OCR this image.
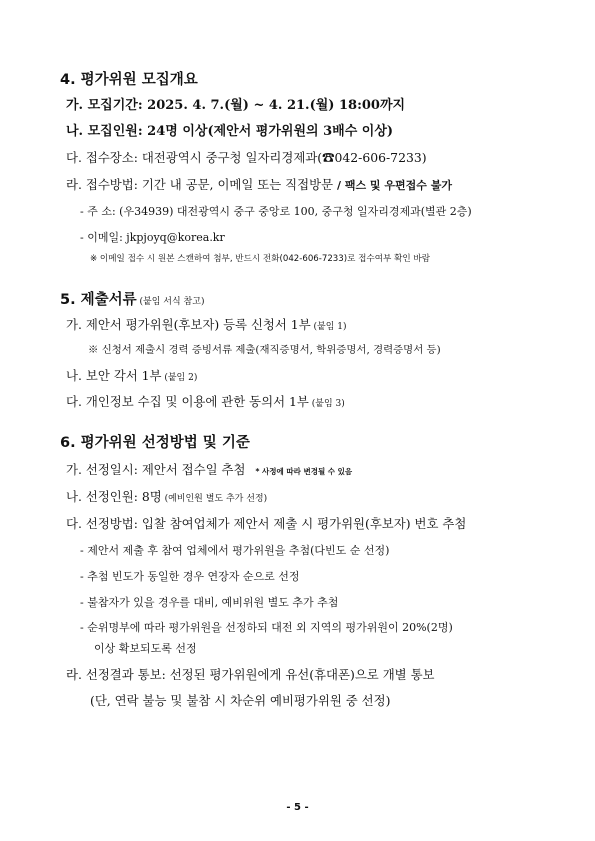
4. 평가위원 모집개요
가. 모집기간: 2025. 4. 7.(월) ~ 4. 21.(월) 18:00까지
나. 모집인원: 24명 이상(제안서 평가위원의 3배수 이상)
다. 접수장소: 대전광역시 중구청 일자리경제과(☎042-606-7233)
라. 접수방법: 기간 내 공문, 이메일 또는 직접방문 / 팩스 및 우편접수 불가
- 주 소: (우34939) 대전광역시 중구 중앙로 100, 중구청 일자리경제과(별관 2층)
- 이메일: jkpjoyq@korea.kr
※ 이메일 접수 시 원본 스캔하여 첨부, 반드시 전화(042-606-7233)로 접수여부 확인 바람
5. 제출서류 (붙임 서식 참고)
가. 제안서 평가위원(후보자) 등록 신청서 1부 (붙임 1)
※ 신청서 제출시 경력 증빙서류 제출(재직증명서, 학위증명서, 경력증명서 등)
나. 보안 각서 1부 (붙임 2)
다. 개인정보 수집 및 이용에 관한 동의서 1부 (붙임 3)
6. 평가위원 선정방법 및 기준
가. 선정일시: 제안서 접수일 추첨 * 사정에 따라 변경될 수 있음
나. 선정인원: 8명 (예비인원 별도 추가 선정)
다. 선정방법: 입찰 참여업체가 제안서 제출 시 평가위원(후보자) 번호 추첨
- 제안서 제출 후 참여 업체에서 평가위원을 추첨(다빈도 순 선정)
- 추첨 빈도가 동일한 경우 연장자 순으로 선정
- 불참자가 있을 경우를 대비, 예비위원 별도 추가 추첨
- 순위명부에 따라 평가위원을 선정하되 대전 외 지역의 평가위원이 20%(2명)
이상 확보되도록 선정
라. 선정결과 통보: 선정된 평가위원에게 유선(휴대폰)으로 개별 통보
(단, 연락 불능 및 불참 시 차순위 예비평가위원 중 선정)
- 5 -
